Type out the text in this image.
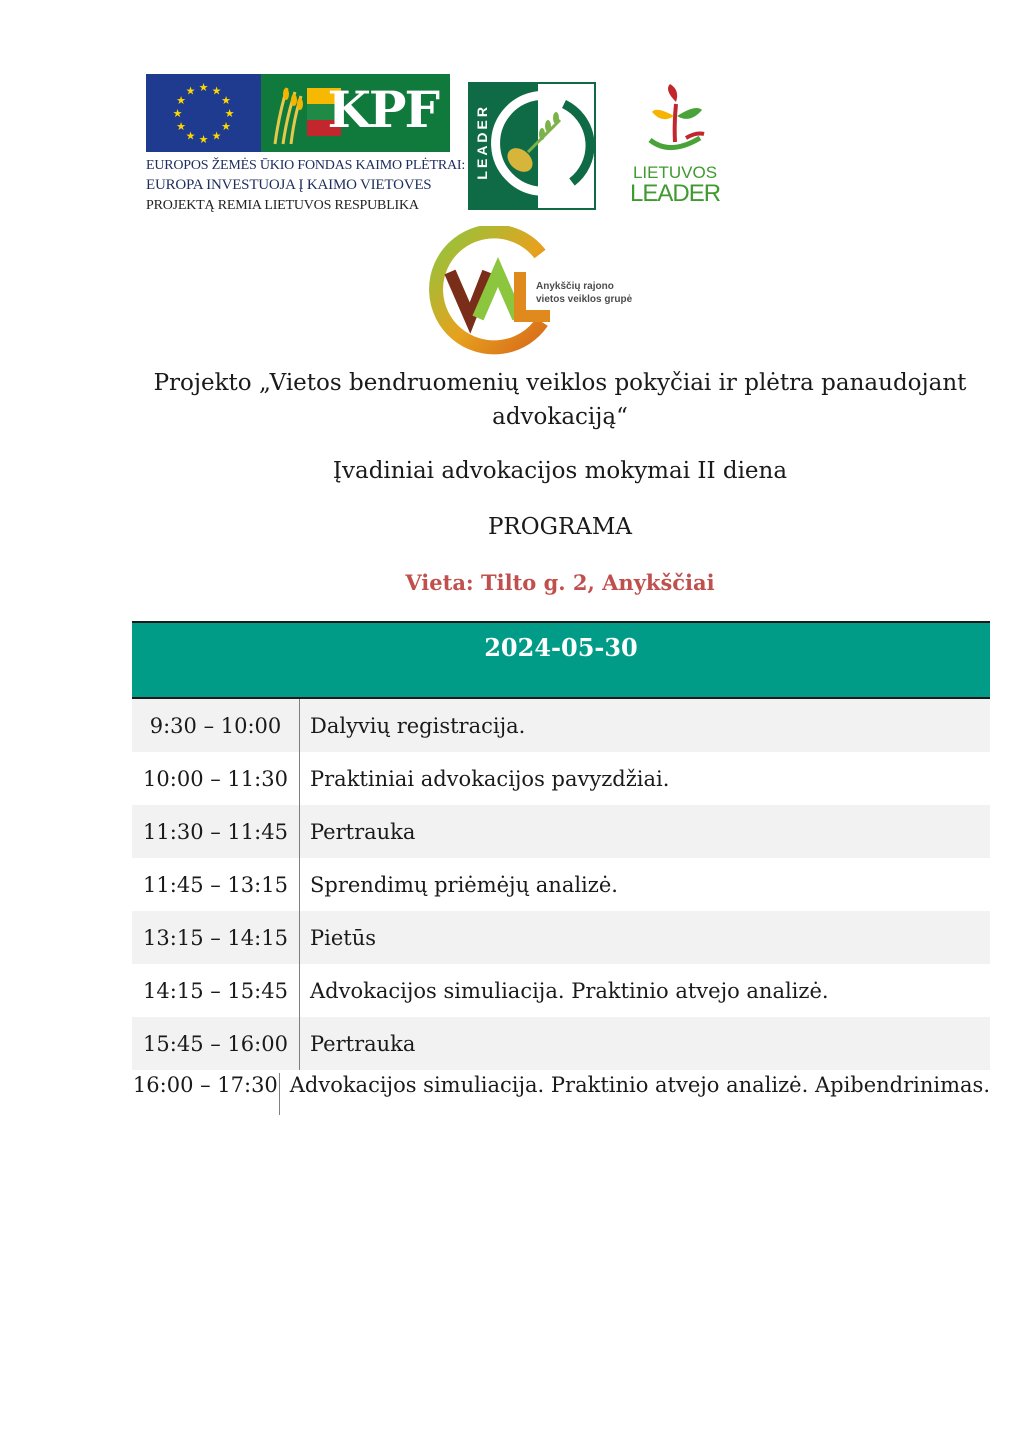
★ ★
★
★
★
★
★
★
★
★
★
★	KPF
EUROPOS ŽEMĖS ŪKIO FONDAS KAIMO PLĖTRAI:
EUROPA INVESTUOJA Į KAIMO VIETOVES
PROJEKTĄ REMIA LIETUVOS RESPUBLIKA
LEADER	LIETUVOS
LEADER
Anykščių rajono
vietos veiklos grupė
Projekto „Vietos bendruomenių veiklos pokyčiai ir plėtra panaudojant
advokaciją“
Įvadiniai advokacijos mokymai II diena
PROGRAMA
Vieta: Tilto g. 2, Anykščiai
2024-05-30
9:30 – 10:00	Dalyvių registracija.
10:00 – 11:30	Praktiniai advokacijos pavyzdžiai.
11:30 – 11:45	Pertrauka
11:45 – 13:15	Sprendimų priėmėjų analizė.
13:15 – 14:15	Pietūs
14:15 – 15:45	Advokacijos simuliacija. Praktinio atvejo analizė.
15:45 – 16:00	Pertrauka
16:00 – 17:30 Advokacijos simuliacija. Praktinio atvejo analizė. Apibendrinimas.
